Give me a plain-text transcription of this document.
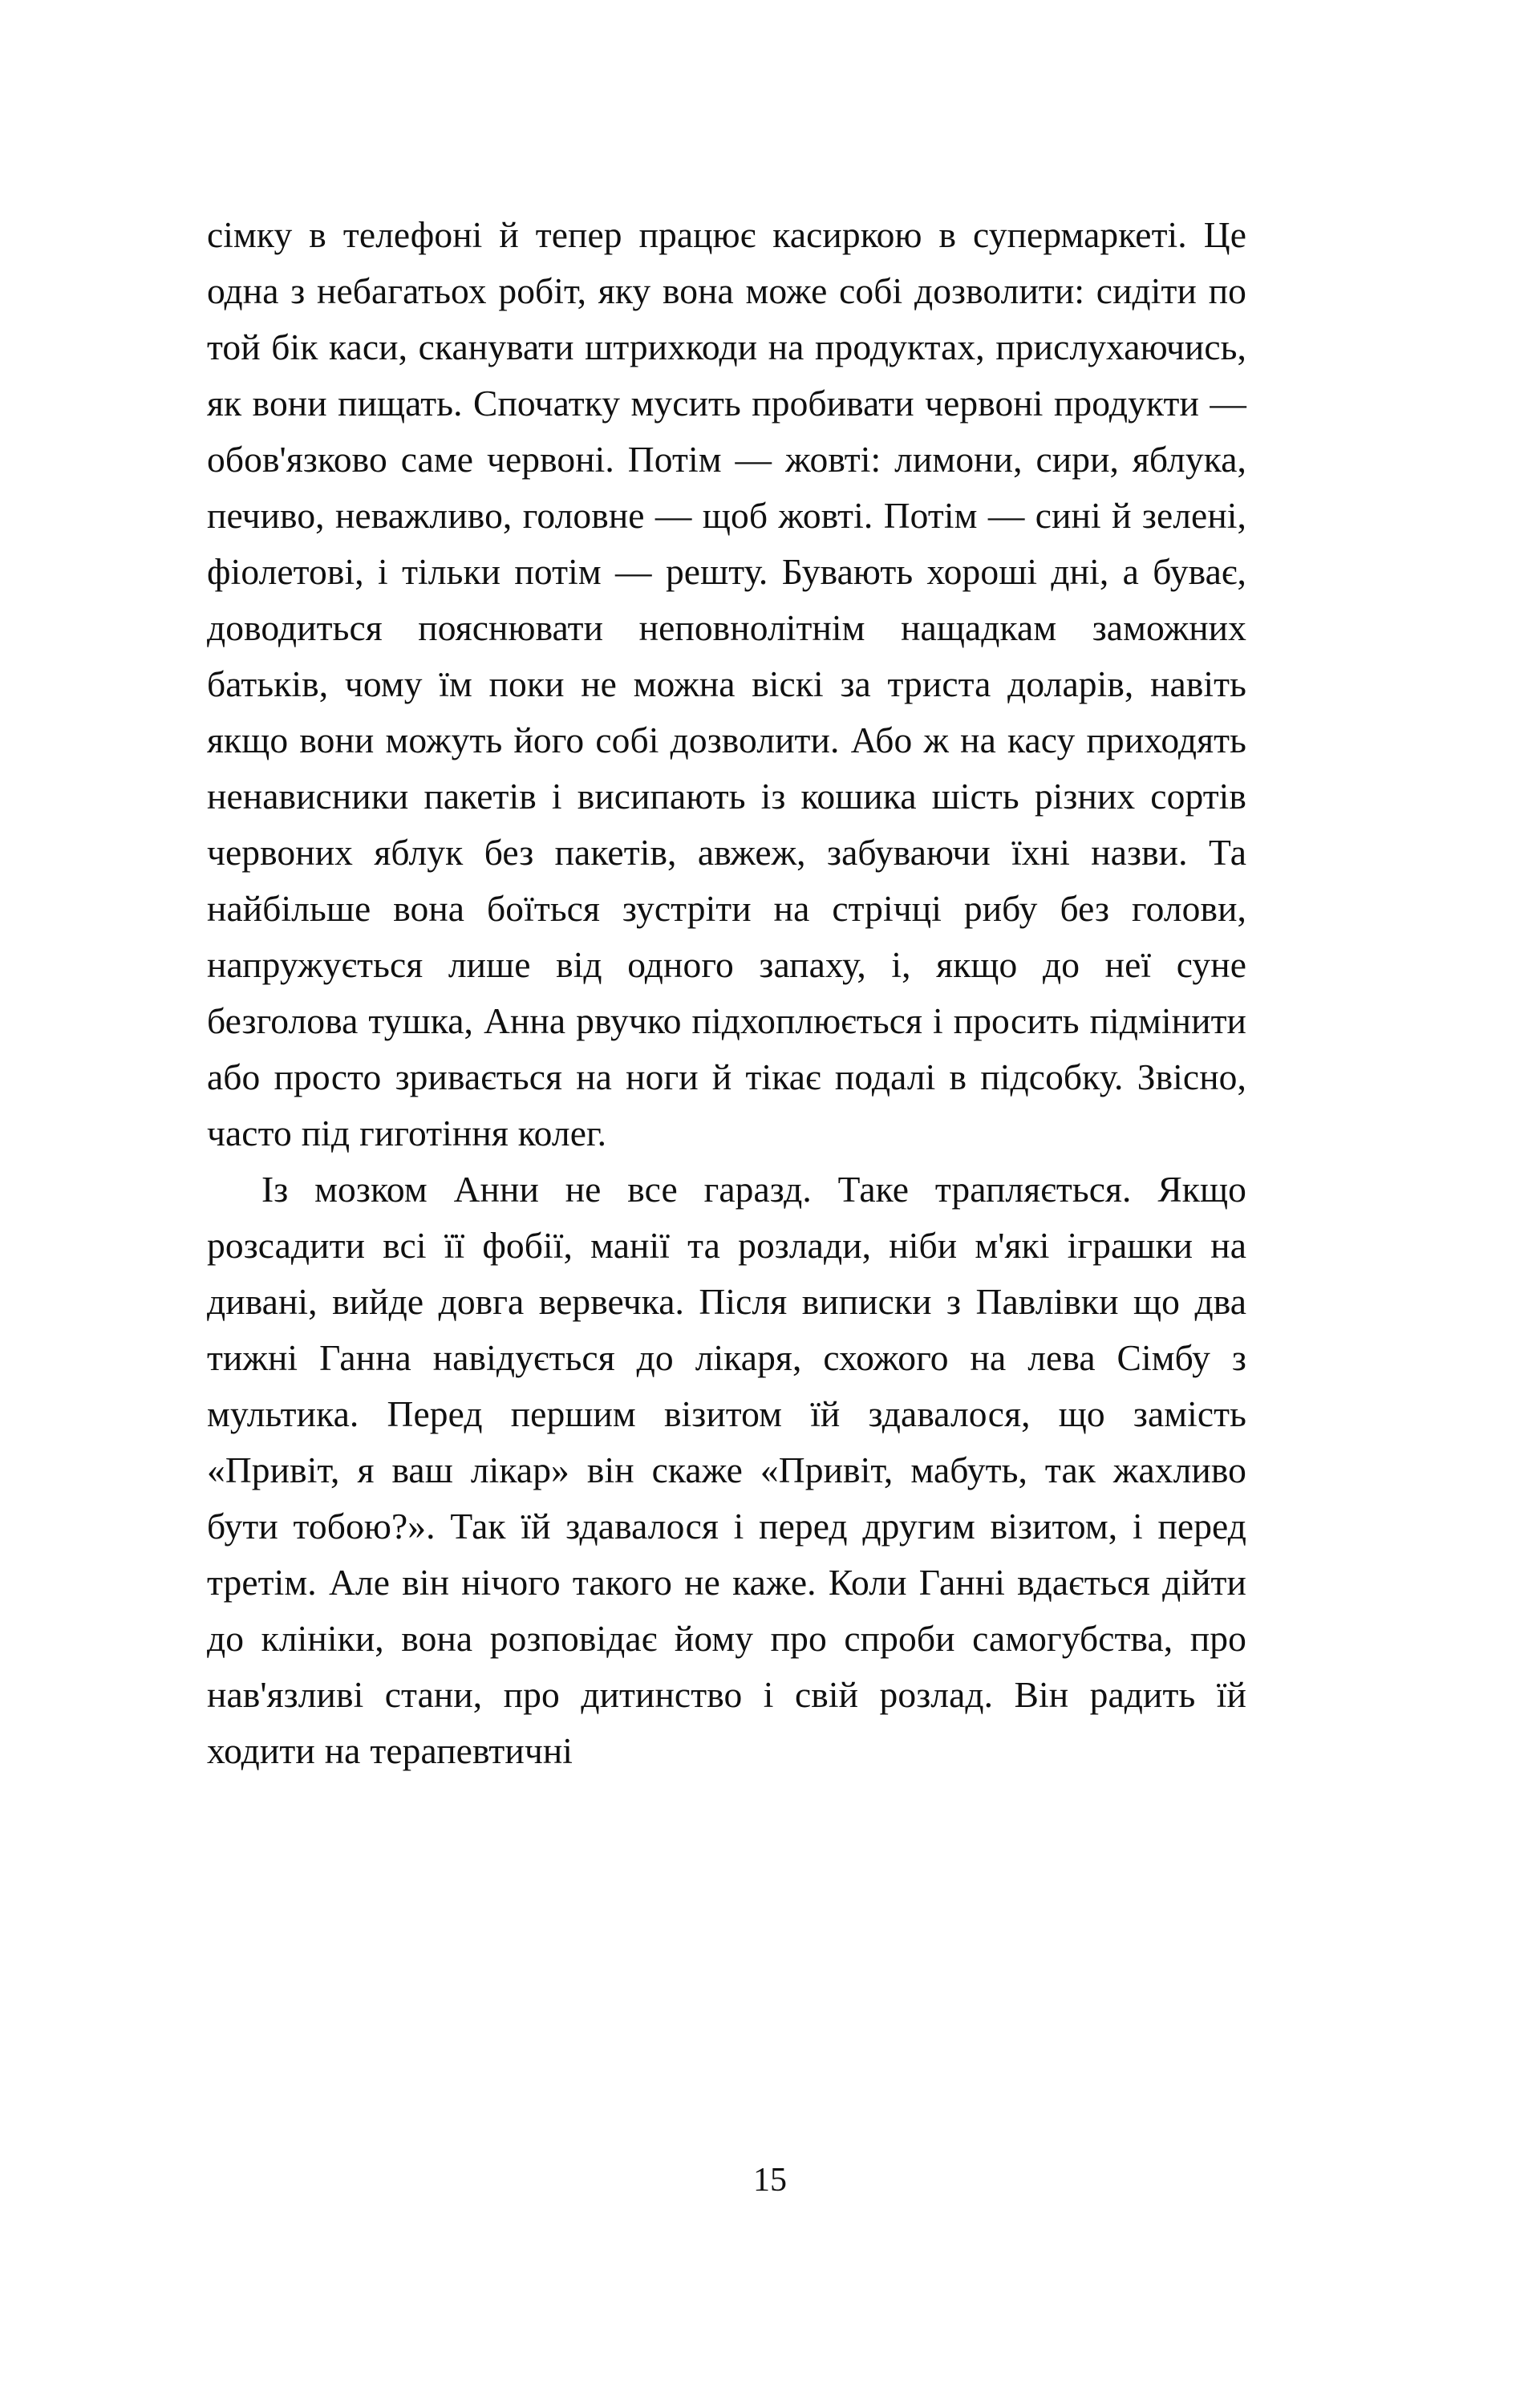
сімку в телефоні й тепер працює касиркою в супермаркеті. Це одна з небагатьох робіт, яку вона може собі дозволити: сидіти по той бік каси, сканувати штрихкоди на продуктах, прислухаючись, як вони пищать. Спочатку мусить пробивати червоні продукти — обов'язково саме червоні. Потім — жовті: лимони, сири, яблука, печиво, неважливо, головне — щоб жовті. Потім — сині й зелені, фіолетові, і тільки потім — решту. Бувають хороші дні, а буває, доводиться пояснювати неповнолітнім нащадкам заможних батьків, чому їм поки не можна віскі за триста доларів, навіть якщо вони можуть його собі дозволити. Або ж на касу приходять ненависники пакетів і висипають із кошика шість різних сортів червоних яблук без пакетів, авжеж, забуваючи їхні назви. Та найбільше вона боїться зустріти на стрічці рибу без голови, напружується лише від одного запаху, і, якщо до неї суне безголова тушка, Анна рвучко підхоплюється і просить підмінити або просто зривається на ноги й тікає подалі в підсобку. Звісно, часто під гиготіння колег.

Із мозком Анни не все гаразд. Таке трапляється. Якщо розсадити всі її фобії, манії та розлади, ніби м'які іграшки на дивані, вийде довга вервечка. Після виписки з Павлівки що два тижні Ганна навідується до лікаря, схожого на лева Сімбу з мультика. Перед першим візитом їй здавалося, що замість «Привіт, я ваш лікар» він скаже «Привіт, мабуть, так жахливо бути тобою?». Так їй здавалося і перед другим візитом, і перед третім. Але він нічого такого не каже. Коли Ганні вдається дійти до клініки, вона розповідає йому про спроби самогубства, про нав'язливі стани, про дитинство і свій розлад. Він радить їй ходити на терапевтичні

15
